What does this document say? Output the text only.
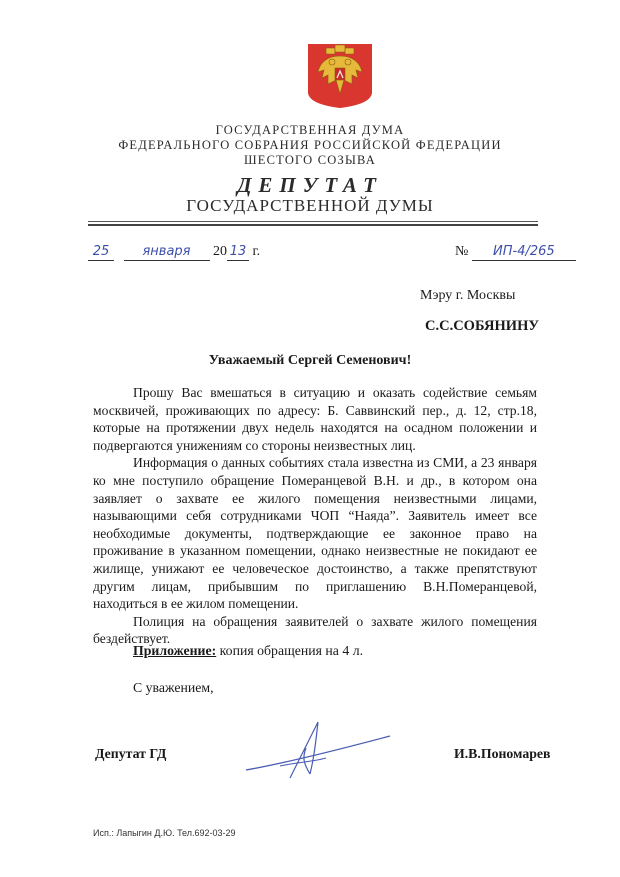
ГОСУДАРСТВЕННАЯ ДУМА
ФЕДЕРАЛЬНОГО СОБРАНИЯ РОССИЙСКОЙ ФЕДЕРАЦИИ
ШЕСТОГО СОЗЫВА
ДЕПУТАТ
ГОСУДАРСТВЕННОЙ ДУМЫ
25	января 20 13 г.	№ ИП-4/265
Мэру г. Москвы
С.С.СОБЯНИНУ
Уважаемый Сергей Семенович!

Прошу Вас вмешаться в ситуацию и оказать содействие семьям москвичей, проживающих по адресу: Б. Саввинский пер., д. 12, стр.18, которые на протяжении двух недель находятся на осадном положении и подвергаются унижениям со стороны неизвестных лиц.

Информация о данных событиях стала известна из СМИ, а 23 января ко мне поступило обращение Померанцевой В.Н. и др., в котором она заявляет о захвате ее жилого помещения неизвестными лицами, называющими себя сотрудниками ЧОП “Наяда”. Заявитель имеет все необходимые документы, подтверждающие ее законное право на проживание в указанном помещении, однако неизвестные не покидают ее жилище, унижают ее человеческое достоинство, а также препятствуют другим лицам, прибывшим по приглашению В.Н.Померанцевой, находиться в ее жилом помещении.

Полиция на обращения заявителей о захвате жилого помещения бездействует.

Приложение: копия обращения на 4 л.
С уважением,
Депутат ГД	И.В.Пономарев
Исп.: Лапыгин Д.Ю. Тел.692-03-29
